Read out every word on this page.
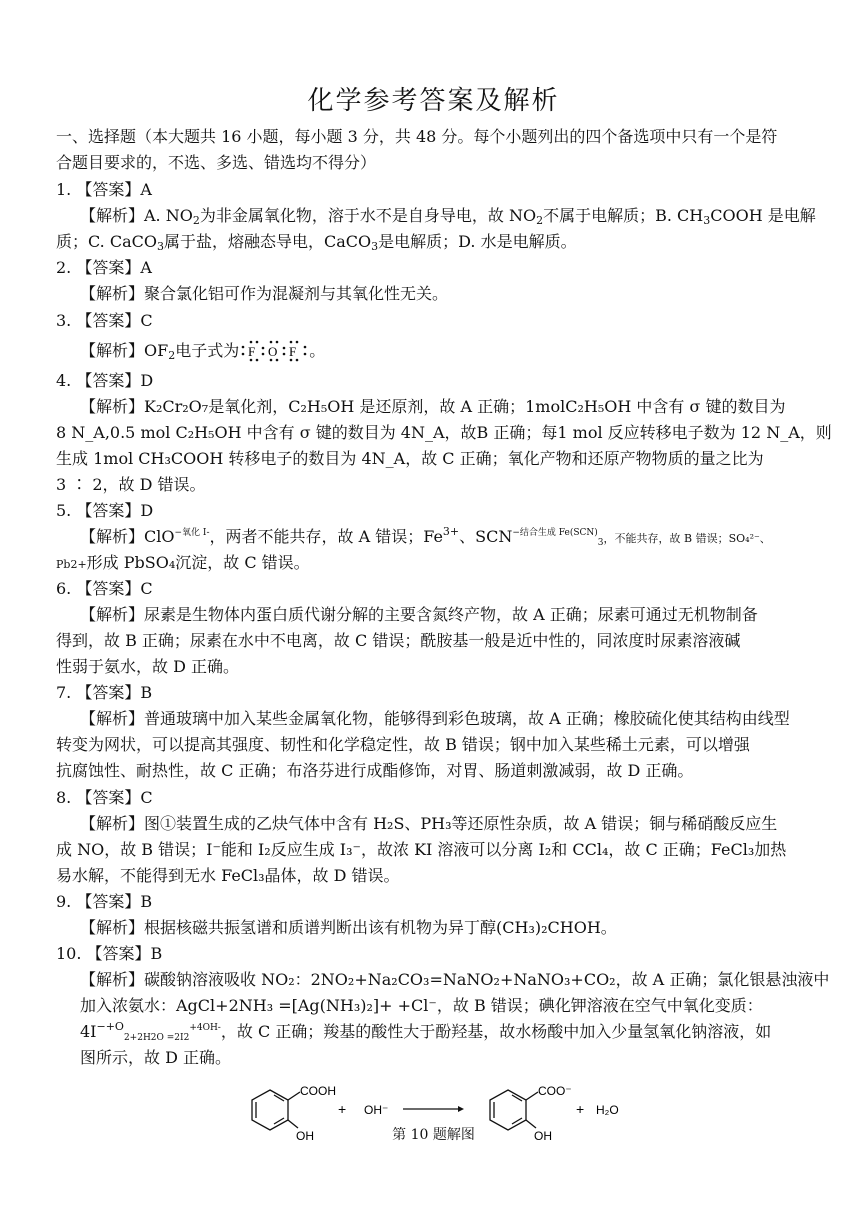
化学参考答案及解析
一、选择题（本大题共 16 小题，每小题 3 分，共 48 分。每个小题列出的四个备选项中只有一个是符
合题目要求的，不选、多选、错选均不得分）
1. 【答案】A
【解析】A. $NO_2$为非金属氧化物，溶于水不是自身导电，故 $NO_2$不属于电解质；B. $CH_3COOH$ 是电解
质；C. CaCO$_3$属于盐，熔融态导电，CaCO$_3$是电解质；D. 水是电解质。
2. 【答案】A
【解析】聚合氯化铝可作为混凝剂与其氧化性无关。
3. 【答案】C
【解析】$OF_2$电子式为 F O F 。
4. 【答案】D
【解析】K₂Cr₂O₇是氧化剂，C₂H₅OH 是还原剂，故 A 正确；1molC₂H₅OH 中含有 σ 键的数目为
8 N_A,0.5 mol C₂H₅OH 中含有 σ 键的数目为 4N_A，故B 正确；每1 mol 反应转移电子数为 12 N_A，则
生成 1mol CH₃COOH 转移电子的数目为 4N_A，故 C 正确；氧化产物和还原产物物质的量之比为
3 ∶ 2，故 D 错误。
5. 【答案】D
【解析】ClO$^{-氧化 I-}$，两者不能共存，故 A 错误；$Fe^{3+}$、$SCN^{-结合生成 Fe(SCN)}_3$，不能共存，故 B 错误；SO₄²⁻、
Pb2+形成 PbSO₄沉淀，故 C 错误。
6. 【答案】C
【解析】尿素是生物体内蛋白质代谢分解的主要含氮终产物，故 A 正确；尿素可通过无机物制备
得到，故 B 正确；尿素在水中不电离，故 C 错误；酰胺基一般是近中性的，同浓度时尿素溶液碱
性弱于氨水，故 D 正确。
7. 【答案】B
【解析】普通玻璃中加入某些金属氧化物，能够得到彩色玻璃，故 A 正确；橡胶硫化使其结构由线型
转变为网状，可以提高其强度、韧性和化学稳定性，故 B 错误；钢中加入某些稀土元素，可以增强
抗腐蚀性、耐热性，故 C 正确；布洛芬进行成酯修饰，对胃、肠道刺激减弱，故 D 正确。
8. 【答案】C
【解析】图①装置生成的乙炔气体中含有 H₂S、PH₃等还原性杂质，故 A 错误；铜与稀硝酸反应生
成 NO，故 B 错误；I⁻能和 I₂反应生成 I₃⁻，故浓 KI 溶液可以分离 I₂和 CCl₄，故 C 正确；FeCl₃加热
易水解，不能得到无水 FeCl₃晶体，故 D 错误。
9. 【答案】B
【解析】根据核磁共振氢谱和质谱判断出该有机物为异丁醇(CH₃)₂CHOH。
10. 【答案】B
【解析】碳酸钠溶液吸收 NO₂：2NO₂+Na₂CO₃=NaNO₂+NaNO₃+CO₂，故 A 正确；氯化银悬浊液中
加入浓氨水：AgCl+2NH₃ =[Ag(NH₃)₂]+ +Cl⁻，故 B 错误；碘化钾溶液在空气中氧化变质：
$4I^{-+O}_{2+2H2O =2I2}^{+4OH-}$，故 C 正确；羧基的酸性大于酚羟基，故水杨酸中加入少量氢氧化钠溶液，如
图所示，故 D 正确。
COOH
OH
+ OH⁻
COO⁻
OH
+ H₂O
第 10 题解图
